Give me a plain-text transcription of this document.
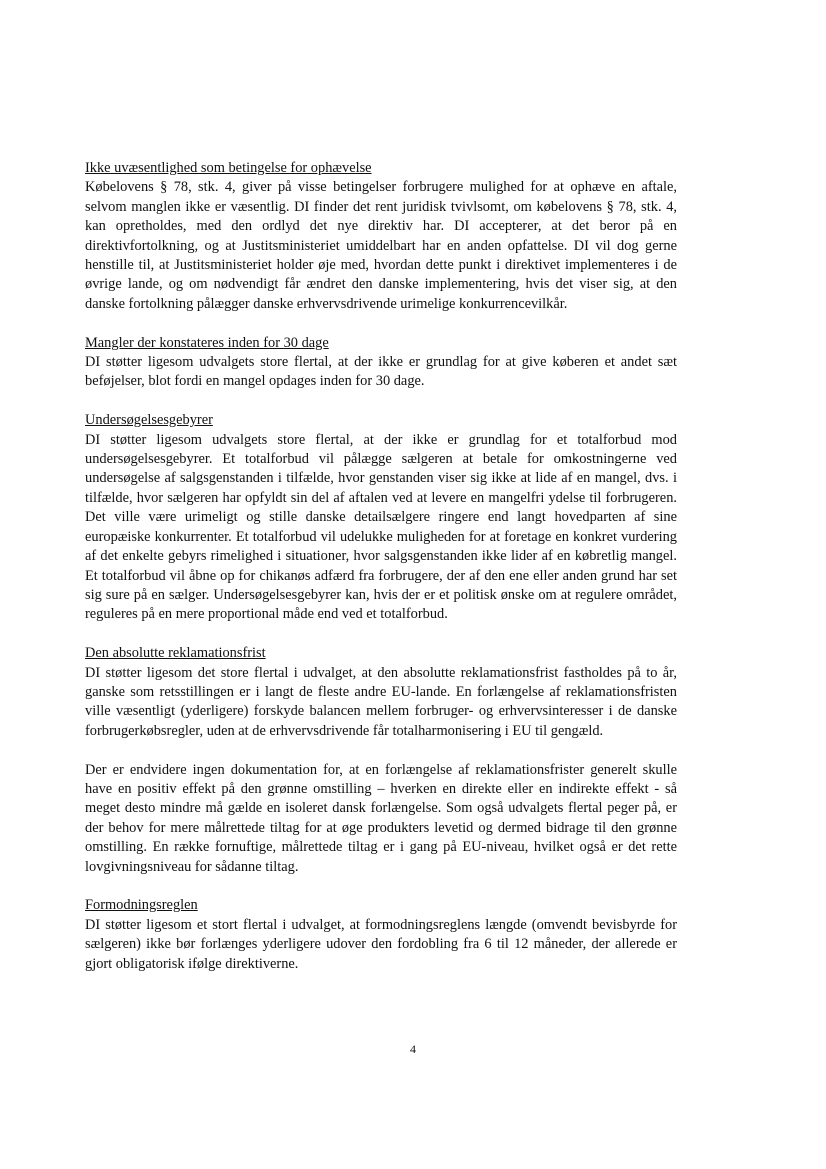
Ikke uvæsentlighed som betingelse for ophævelse

Købelovens § 78, stk. 4, giver på visse betingelser forbrugere mulighed for at ophæve en aftale, selvom manglen ikke er væsentlig. DI finder det rent juridisk tvivlsomt, om købelovens § 78, stk. 4, kan opretholdes, med den ordlyd det nye direktiv har. DI accepterer, at det beror på en direktivfortolkning, og at Justitsministeriet umiddelbart har en anden opfattelse. DI vil dog gerne henstille til, at Justitsministeriet holder øje med, hvordan dette punkt i direktivet implementeres i de øvrige lande, og om nødvendigt får ændret den danske implementering, hvis det viser sig, at den danske fortolkning pålægger danske erhvervsdrivende urimelige konkurrencevilkår.

Mangler der konstateres inden for 30 dage

DI støtter ligesom udvalgets store flertal, at der ikke er grundlag for at give køberen et andet sæt beføjelser, blot fordi en mangel opdages inden for 30 dage.

Undersøgelsesgebyrer

DI støtter ligesom udvalgets store flertal, at der ikke er grundlag for et totalforbud mod undersøgelsesgebyrer. Et totalforbud vil pålægge sælgeren at betale for omkostningerne ved undersøgelse af salgsgenstanden i tilfælde, hvor genstanden viser sig ikke at lide af en mangel, dvs. i tilfælde, hvor sælgeren har opfyldt sin del af aftalen ved at levere en mangelfri ydelse til forbrugeren. Det ville være urimeligt og stille danske detailsælgere ringere end langt hovedparten af sine europæiske konkurrenter. Et totalforbud vil udelukke muligheden for at foretage en konkret vurdering af det enkelte gebyrs rimelighed i situationer, hvor salgsgenstanden ikke lider af en købretlig mangel. Et totalforbud vil åbne op for chikanøs adfærd fra forbrugere, der af den ene eller anden grund har set sig sure på en sælger. Undersøgelsesgebyrer kan, hvis der er et politisk ønske om at regulere området, reguleres på en mere proportional måde end ved et totalforbud.

Den absolutte reklamationsfrist

DI støtter ligesom det store flertal i udvalget, at den absolutte reklamationsfrist fastholdes på to år, ganske som retsstillingen er i langt de fleste andre EU-lande. En forlængelse af reklamationsfristen ville væsentligt (yderligere) forskyde balancen mellem forbruger- og erhvervsinteresser i de danske forbrugerkøbsregler, uden at de erhvervsdrivende får totalharmonisering i EU til gengæld.

Der er endvidere ingen dokumentation for, at en forlængelse af reklamationsfrister generelt skulle have en positiv effekt på den grønne omstilling – hverken en direkte eller en indirekte effekt - så meget desto mindre må gælde en isoleret dansk forlængelse. Som også udvalgets flertal peger på, er der behov for mere målrettede tiltag for at øge produkters levetid og dermed bidrage til den grønne omstilling. En række fornuftige, målrettede tiltag er i gang på EU-niveau, hvilket også er det rette lovgivningsniveau for sådanne tiltag.

Formodningsreglen

DI støtter ligesom et stort flertal i udvalget, at formodningsreglens længde (omvendt bevisbyrde for sælgeren) ikke bør forlænges yderligere udover den fordobling fra 6 til 12 måneder, der allerede er gjort obligatorisk ifølge direktiverne.

4
